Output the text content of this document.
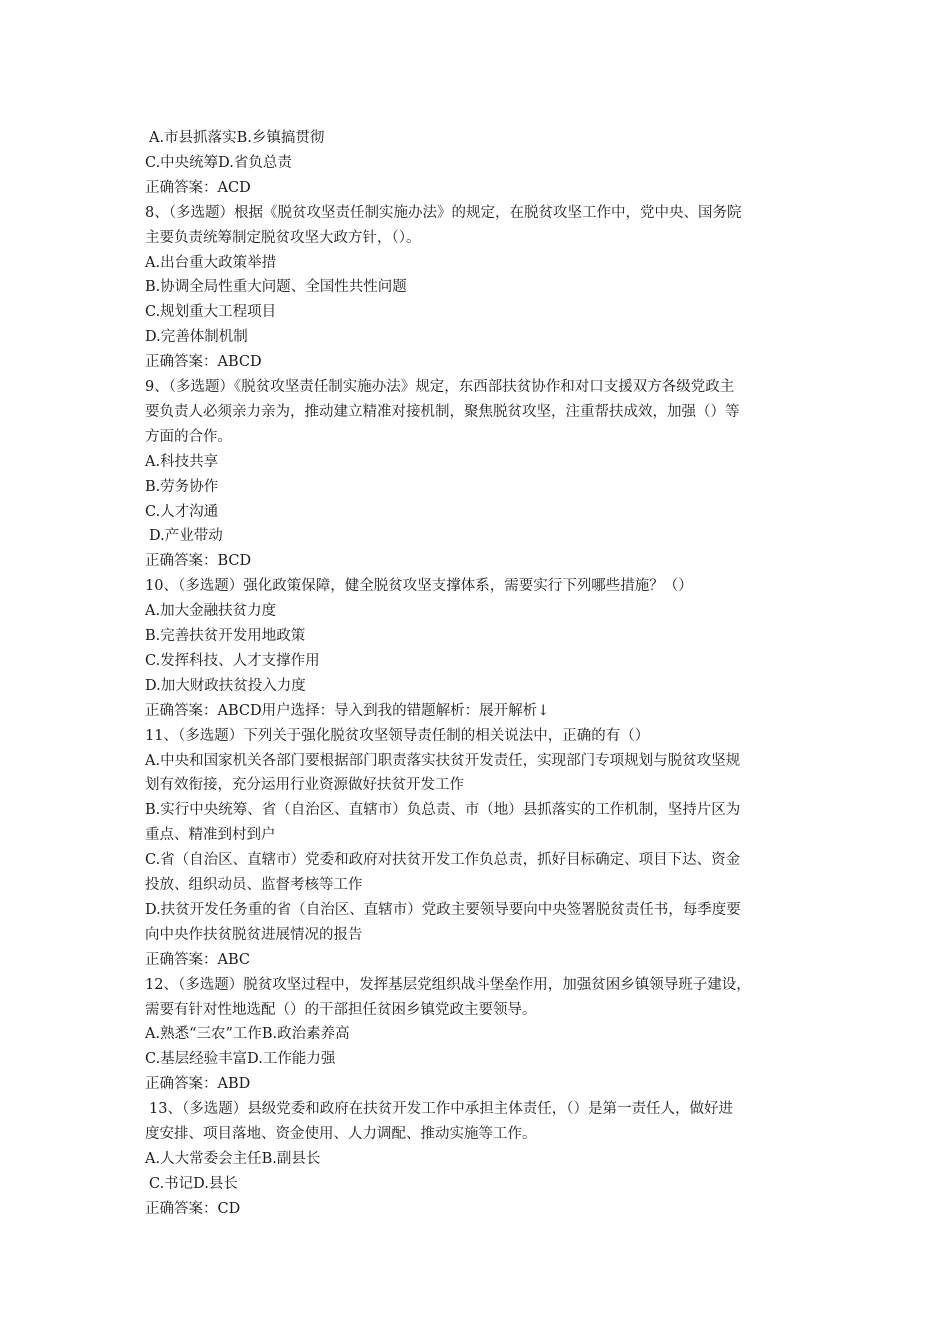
A.市县抓落实B.乡镇搞贯彻
C.中央统筹D.省负总责
正确答案：ACD
8、（多选题）根据《脱贫攻坚责任制实施办法》的规定，在脱贫攻坚工作中，党中央、国务院
主要负责统筹制定脱贫攻坚大政方针，（）。
A.出台重大政策举措
B.协调全局性重大问题、全国性共性问题
C.规划重大工程项目
D.完善体制机制
正确答案：ABCD
9、（多选题）《脱贫攻坚责任制实施办法》规定，东西部扶贫协作和对口支援双方各级党政主
要负责人必须亲力亲为，推动建立精准对接机制，聚焦脱贫攻坚，注重帮扶成效，加强（）等
方面的合作。
A.科技共享
B.劳务协作
C.人才沟通
D.产业带动
正确答案：BCD
10、（多选题）强化政策保障，健全脱贫攻坚支撑体系，需要实行下列哪些措施？（）
A.加大金融扶贫力度
B.完善扶贫开发用地政策
C.发挥科技、人才支撑作用
D.加大财政扶贫投入力度
正确答案：ABCD用户选择：导入到我的错题解析：展开解析↓
11、（多选题）下列关于强化脱贫攻坚领导责任制的相关说法中，正确的有（）
A.中央和国家机关各部门要根据部门职责落实扶贫开发责任，实现部门专项规划与脱贫攻坚规
划有效衔接，充分运用行业资源做好扶贫开发工作
B.实行中央统筹、省（自治区、直辖市）负总责、市（地）县抓落实的工作机制，坚持片区为
重点、精准到村到户
C.省（自治区、直辖市）党委和政府对扶贫开发工作负总责，抓好目标确定、项目下达、资金
投放、组织动员、监督考核等工作
D.扶贫开发任务重的省（自治区、直辖市）党政主要领导要向中央签署脱贫责任书，每季度要
向中央作扶贫脱贫进展情况的报告
正确答案：ABC
12、（多选题）脱贫攻坚过程中，发挥基层党组织战斗堡垒作用，加强贫困乡镇领导班子建设，
需要有针对性地选配（）的干部担任贫困乡镇党政主要领导。
A.熟悉“三农”工作B.政治素养高
C.基层经验丰富D.工作能力强
正确答案：ABD
13、（多选题）县级党委和政府在扶贫开发工作中承担主体责任，（）是第一责任人，做好进
度安排、项目落地、资金使用、人力调配、推动实施等工作。
A.人大常委会主任B.副县长
C.书记D.县长
正确答案：CD
